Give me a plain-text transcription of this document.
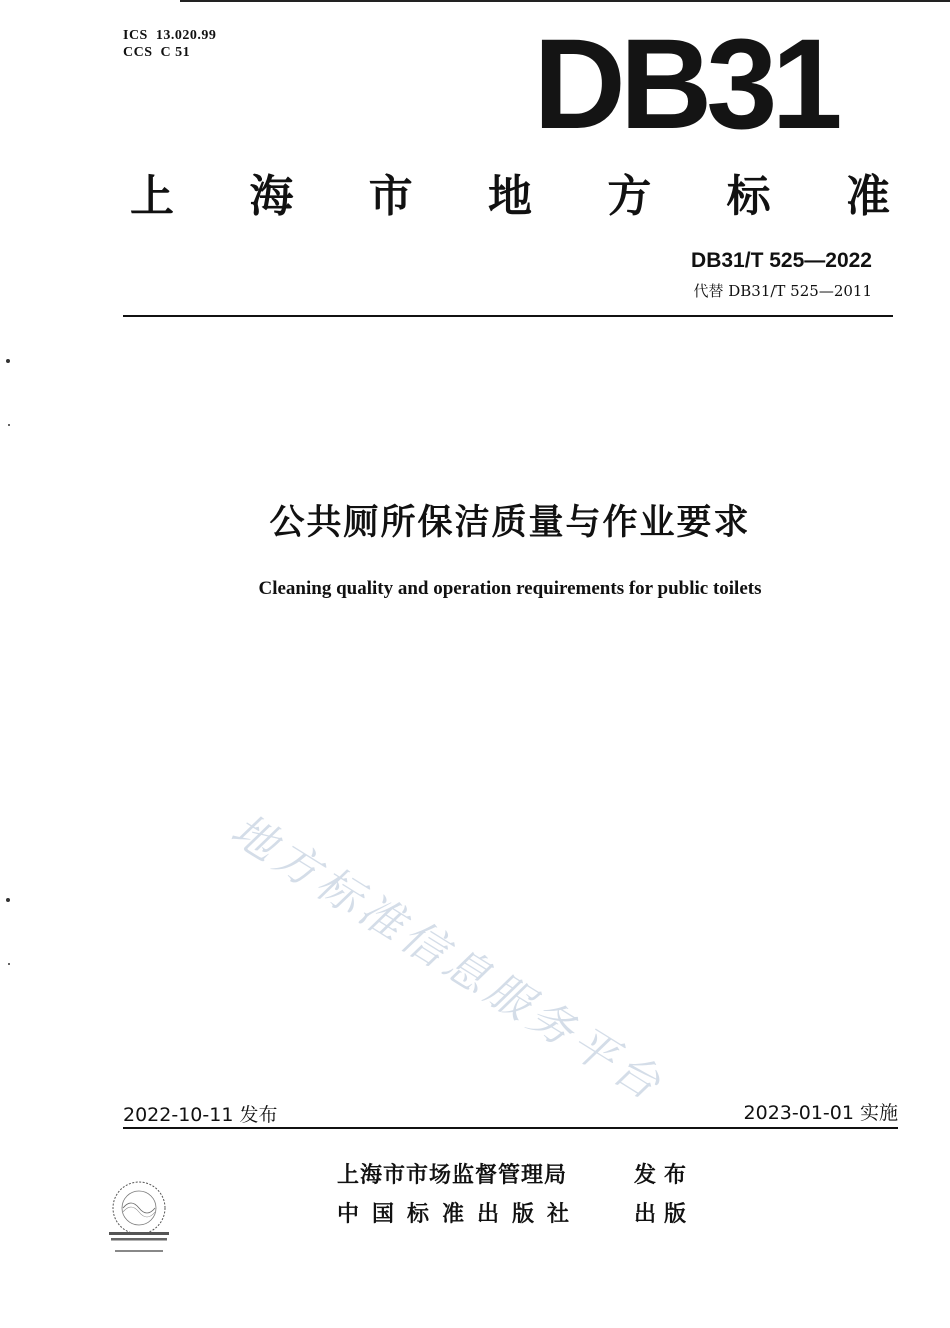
ICS 13.020.99
CCS C 51	DB31
上 海 市 地 方 标 准
DB31/T 525—2022
代替 DB31/T 525—2011
公共厕所保洁质量与作业要求
Cleaning quality and operation requirements for public toilets
地方标准信息服务平台
2022-10-11 发布	2023-01-01 实施
上海市市场监督管理局	发布
中国标准出版社 出版
